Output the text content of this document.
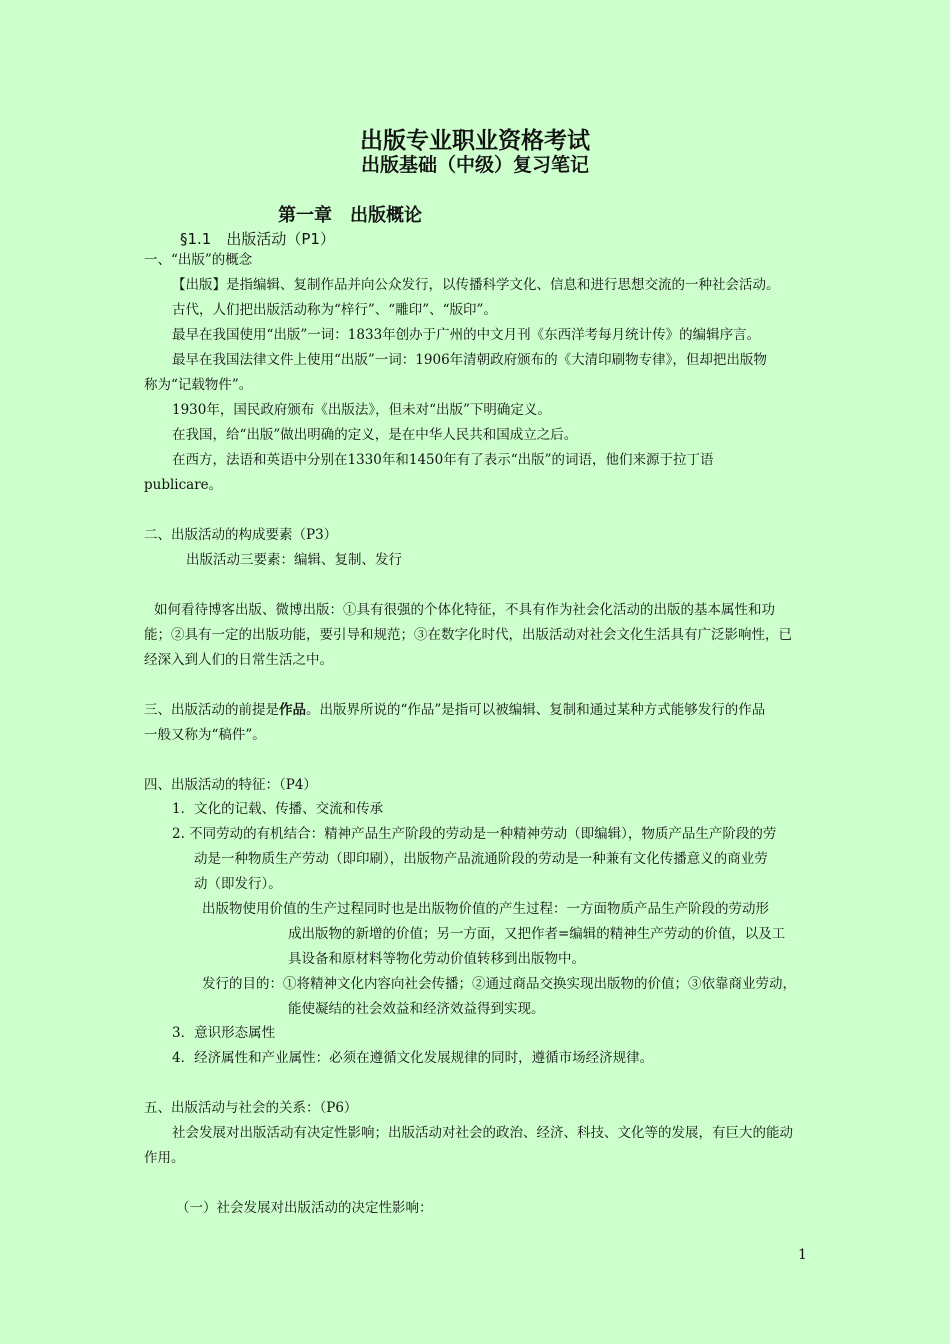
出版专业职业资格考试
出版基础（中级）复习笔记
第一章　出版概论
§1.1　出版活动（P1）
一、“出版”的概念
【出版】是指编辑、复制作品并向公众发行，以传播科学文化、信息和进行思想交流的一种社会活动。
古代，人们把出版活动称为“梓行”、“雕印”、“版印”。
最早在我国使用“出版”一词：1833年创办于广州的中文月刊《东西洋考每月统计传》的编辑序言。
最早在我国法律文件上使用“出版”一词：1906年清朝政府颁布的《大清印刷物专律》，但却把出版物
称为“记载物件”。
1930年，国民政府颁布《出版法》，但未对“出版”下明确定义。
在我国，给“出版”做出明确的定义，是在中华人民共和国成立之后。
在西方，法语和英语中分别在1330年和1450年有了表示“出版”的词语，他们来源于拉丁语
publicare。
二、出版活动的构成要素（P3）
出版活动三要素：编辑、复制、发行
如何看待博客出版、微博出版：①具有很强的个体化特征，不具有作为社会化活动的出版的基本属性和功
能；②具有一定的出版功能，要引导和规范；③在数字化时代，出版活动对社会文化生活具有广泛影响性，已
经深入到人们的日常生活之中。
三、出版活动的前提是作品。出版界所说的“作品”是指可以被编辑、复制和通过某种方式能够发行的作品
一般又称为“稿件”。
四、出版活动的特征：（P4）
1．文化的记载、传播、交流和传承
2. 不同劳动的有机结合：精神产品生产阶段的劳动是一种精神劳动（即编辑），物质产品生产阶段的劳
动是一种物质生产劳动（即印刷），出版物产品流通阶段的劳动是一种兼有文化传播意义的商业劳
动（即发行）。
出版物使用价值的生产过程同时也是出版物价值的产生过程：一方面物质产品生产阶段的劳动形
成出版物的新增的价值；另一方面，又把作者=编辑的精神生产劳动的价值，以及工
具设备和原材料等物化劳动价值转移到出版物中。
发行的目的：①将精神文化内容向社会传播；②通过商品交换实现出版物的价值；③依靠商业劳动，
能使凝结的社会效益和经济效益得到实现。
3．意识形态属性
4．经济属性和产业属性：必须在遵循文化发展规律的同时，遵循市场经济规律。
五、出版活动与社会的关系：（P6）
社会发展对出版活动有决定性影响；出版活动对社会的政治、经济、科技、文化等的发展，有巨大的能动
作用。
（一）社会发展对出版活动的决定性影响：
1
